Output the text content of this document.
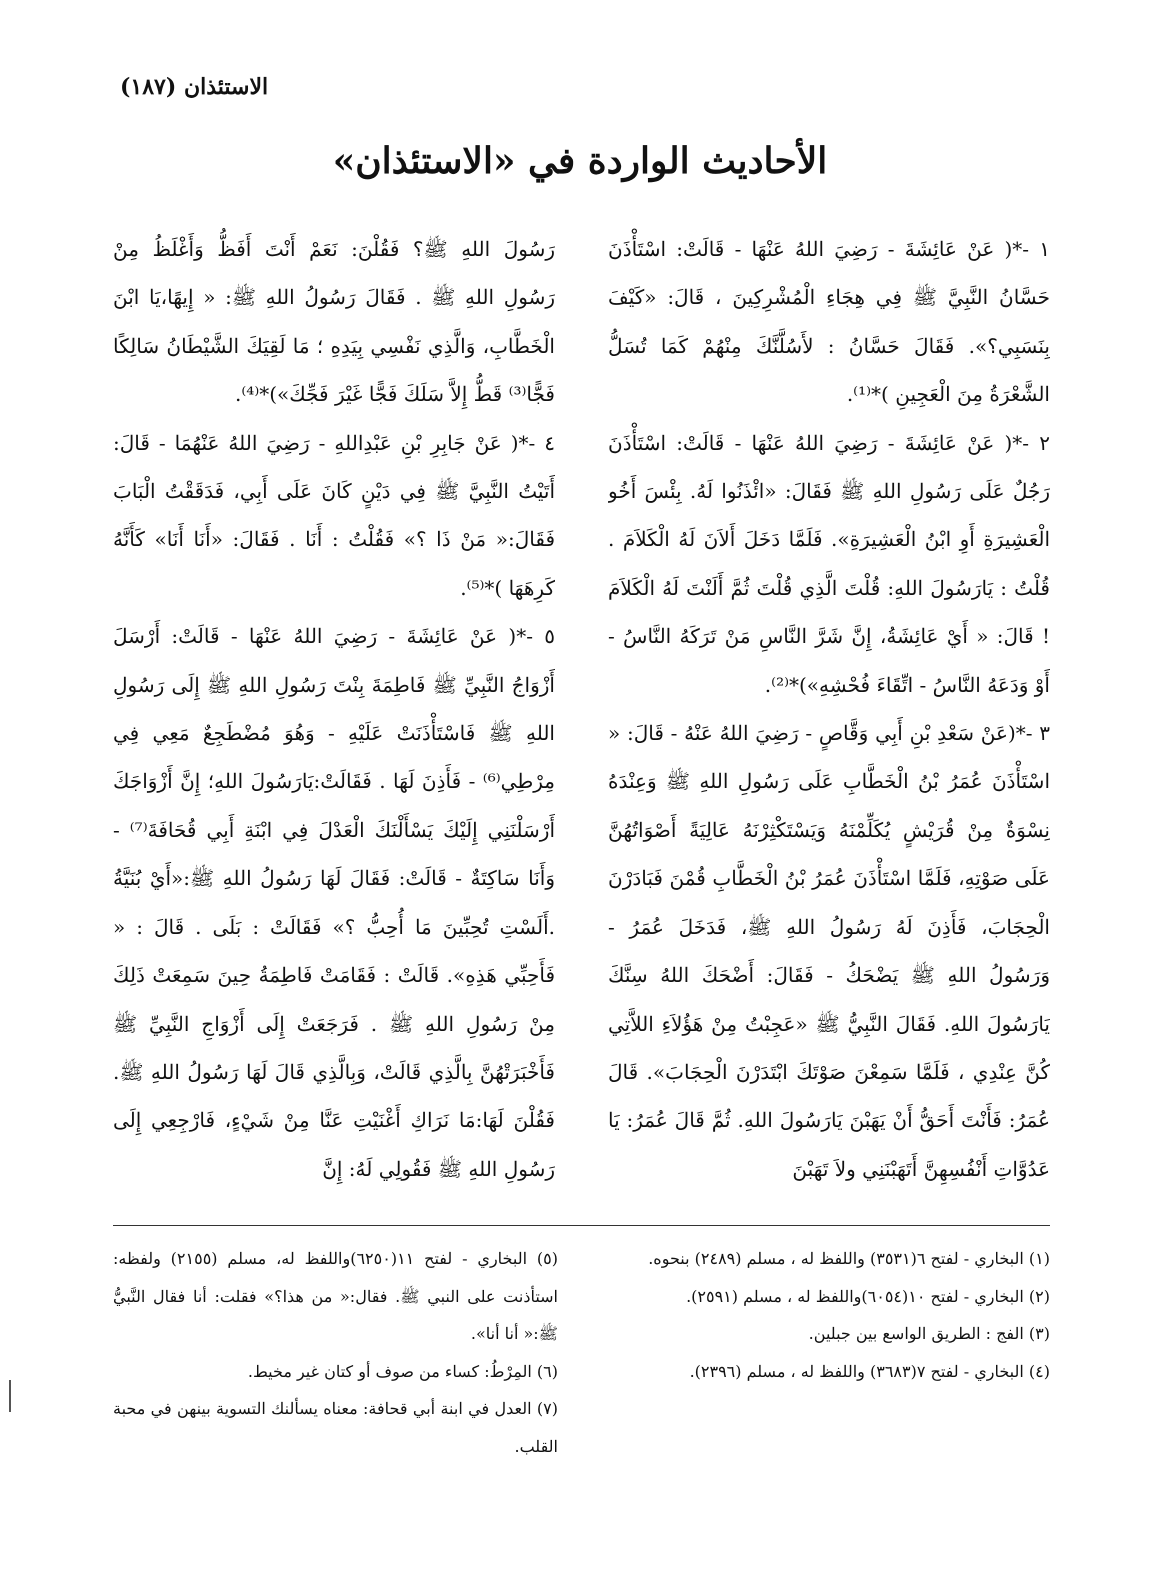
الاستئذان (١٨٧)
الأحاديث الواردة في «الاستئذان»

١ -*( عَنْ عَائِشَةَ - رَضِيَ اللهُ عَنْهَا - قَالَتْ: اسْتَأْذَنَ حَسَّانُ النَّبِيَّ ﷺ فِي هِجَاءِ الْمُشْرِكِينَ ، قَالَ: «كَيْفَ بِنَسَبِي؟». فَقَالَ حَسَّانُ : لأَسُلَّنَّكَ مِنْهُمْ كَمَا تُسَلُّ الشَّعْرَةُ مِنَ الْعَجِينِ )*⁽¹⁾.

٢ -*( عَنْ عَائِشَةَ - رَضِيَ اللهُ عَنْهَا - قَالَتْ: اسْتَأْذَنَ رَجُلٌ عَلَى رَسُولِ اللهِ ﷺ فَقَالَ: «ائْذَنُوا لَهُ. بِئْسَ أَخُو الْعَشِيرَةِ أَوِ ابْنُ الْعَشِيرَةِ». فَلَمَّا دَخَلَ أَلاَنَ لَهُ الْكَلاَمَ . قُلْتُ : يَارَسُولَ اللهِ: قُلْتَ الَّذِي قُلْتَ ثُمَّ أَلَنْتَ لَهُ الْكَلاَمَ ! قَالَ: « أَيْ عَائِشَةُ، إِنَّ شَرَّ النَّاسِ مَنْ تَرَكَهُ النَّاسُ - أَوْ وَدَعَهُ النَّاسُ - اتِّقَاءَ فُحْشِهِ»)*⁽²⁾.

٣ -*(عَنْ سَعْدِ بْنِ أَبِي وَقَّاصٍ - رَضِيَ اللهُ عَنْهُ - قَالَ: « اسْتَأْذَنَ عُمَرُ بْنُ الْخَطَّابِ عَلَى رَسُولِ اللهِ ﷺ وَعِنْدَهُ نِسْوَةٌ مِنْ قُرَيْشٍ يُكَلِّمْنَهُ وَيَسْتَكْثِرْنَهُ عَالِيَةً أَصْوَاتُهُنَّ عَلَى صَوْتِهِ، فَلَمَّا اسْتَأْذَنَ عُمَرُ بْنُ الْخَطَّابِ قُمْنَ فَبَادَرْنَ الْحِجَابَ، فَأَذِنَ لَهُ رَسُولُ اللهِ ﷺ، فَدَخَلَ عُمَرُ - وَرَسُولُ اللهِ ﷺ يَضْحَكُ - فَقَالَ: أَضْحَكَ اللهُ سِنَّكَ يَارَسُولَ اللهِ. فَقَالَ النَّبِيُّ ﷺ «عَجِبْتُ مِنْ هَؤُلاَءِ اللاَّتِي كُنَّ عِنْدِي ، فَلَمَّا سَمِعْنَ صَوْتَكَ ابْتَدَرْنَ الْحِجَابَ». قَالَ عُمَرُ: فَأَنْتَ أَحَقُّ أَنْ يَهَبْنَ يَارَسُولَ اللهِ. ثُمَّ قَالَ عُمَرُ: يَا عَدُوَّاتِ أَنْفُسِهِنَّ أَتَهَبْنَنِي ولاَ تَهَبْنَ

رَسُولَ اللهِ ﷺ؟ فَقُلْنَ: نَعَمْ أَنْتَ أَفَظُّ وَأَغْلَظُ مِنْ رَسُولِ اللهِ ﷺ . فَقَالَ رَسُولُ اللهِ ﷺ: « إِيهًا،يَا ابْنَ الْخَطَّابِ، وَالَّذِي نَفْسِي بِيَدِهِ ؛ مَا لَقِيَكَ الشَّيْطَانُ سَالِكًا فَجًّا⁽³⁾ قَطُّ إِلاَّ سَلَكَ فَجًّا غَيْرَ فَجِّكَ»)*⁽⁴⁾.

٤ -*( عَنْ جَابِرِ بْنِ عَبْدِاللهِ - رَضِيَ اللهُ عَنْهُمَا - قَالَ: أَتَيْتُ النَّبِيَّ ﷺ فِي دَيْنٍ كَانَ عَلَى أَبِي، فَدَقَقْتُ الْبَابَ فَقَالَ:« مَنْ ذَا ؟» فَقُلْتُ : أَنَا . فَقَالَ: «أَنَا أَنَا» كَأَنَّهُ كَرِهَهَا )*⁽⁵⁾.

٥ -*( عَنْ عَائِشَةَ - رَضِيَ اللهُ عَنْهَا - قَالَتْ: أَرْسَلَ أَزْوَاجُ النَّبِيِّ ﷺ فَاطِمَةَ بِنْتَ رَسُولِ اللهِ ﷺ إِلَى رَسُولِ اللهِ ﷺ فَاسْتَأْذَنَتْ عَلَيْهِ - وَهُوَ مُضْطَجِعٌ مَعِي فِي مِرْطِي⁽⁶⁾ - فَأَذِنَ لَهَا . فَقَالَتْ:يَارَسُولَ اللهِ؛ إِنَّ أَزْوَاجَكَ أَرْسَلْنَنِي إِلَيْكَ يَسْأَلْنَكَ الْعَدْلَ فِي ابْنَةِ أَبِي قُحَافَةَ⁽⁷⁾ - وَأَنَا سَاكِتَةٌ - قَالَتْ: فَقَالَ لَهَا رَسُولُ اللهِ ﷺ:«أَيْ بُنَيَّةُ .أَلَسْتِ تُحِبِّينَ مَا أُحِبُّ ؟» فَقَالَتْ : بَلَى . قَالَ : « فَأَحِبِّي هَذِهِ». قَالَتْ : فَقَامَتْ فَاطِمَةُ حِينَ سَمِعَتْ ذَلِكَ مِنْ رَسُولِ اللهِ ﷺ . فَرَجَعَتْ إِلَى أَزْوَاجِ النَّبِيِّ ﷺ فَأَخْبَرَتْهُنَّ بِالَّذِي قَالَتْ، وَبِالَّذِي قَالَ لَهَا رَسُولُ اللهِ ﷺ. فَقُلْنَ لَهَا:مَا نَرَاكِ أَغْنَيْتِ عَنَّا مِنْ شَيْءٍ، فَارْجِعِي إِلَى رَسُولِ اللهِ ﷺ فَقُولِي لَهُ: إِنَّ

(١) البخاري - لفتح ٦(٣٥٣١) واللفظ له ، مسلم (٢٤٨٩) بنحوه.

(٢) البخاري - لفتح ١٠(٦٠٥٤)واللفظ له ، مسلم (٢٥٩١).

(٣) الفج : الطريق الواسع بين جبلين.

(٤) البخاري - لفتح ٧(٣٦٨٣) واللفظ له ، مسلم (٢٣٩٦).

(٥) البخاري - لفتح ١١(٦٢٥٠)واللفظ له، مسلم (٢١٥٥) ولفظه: استأذنت على النبي ﷺ. فقال:« من هذا؟» فقلت: أنا فقال النَّبيُّ ﷺ:« أنا أنا».

(٦) المِرْطُ: كساء من صوف أو كتان غير مخيط.

(٧) العدل في ابنة أبي قحافة: معناه يسألنك التسوية بينهن في محبة القلب.
